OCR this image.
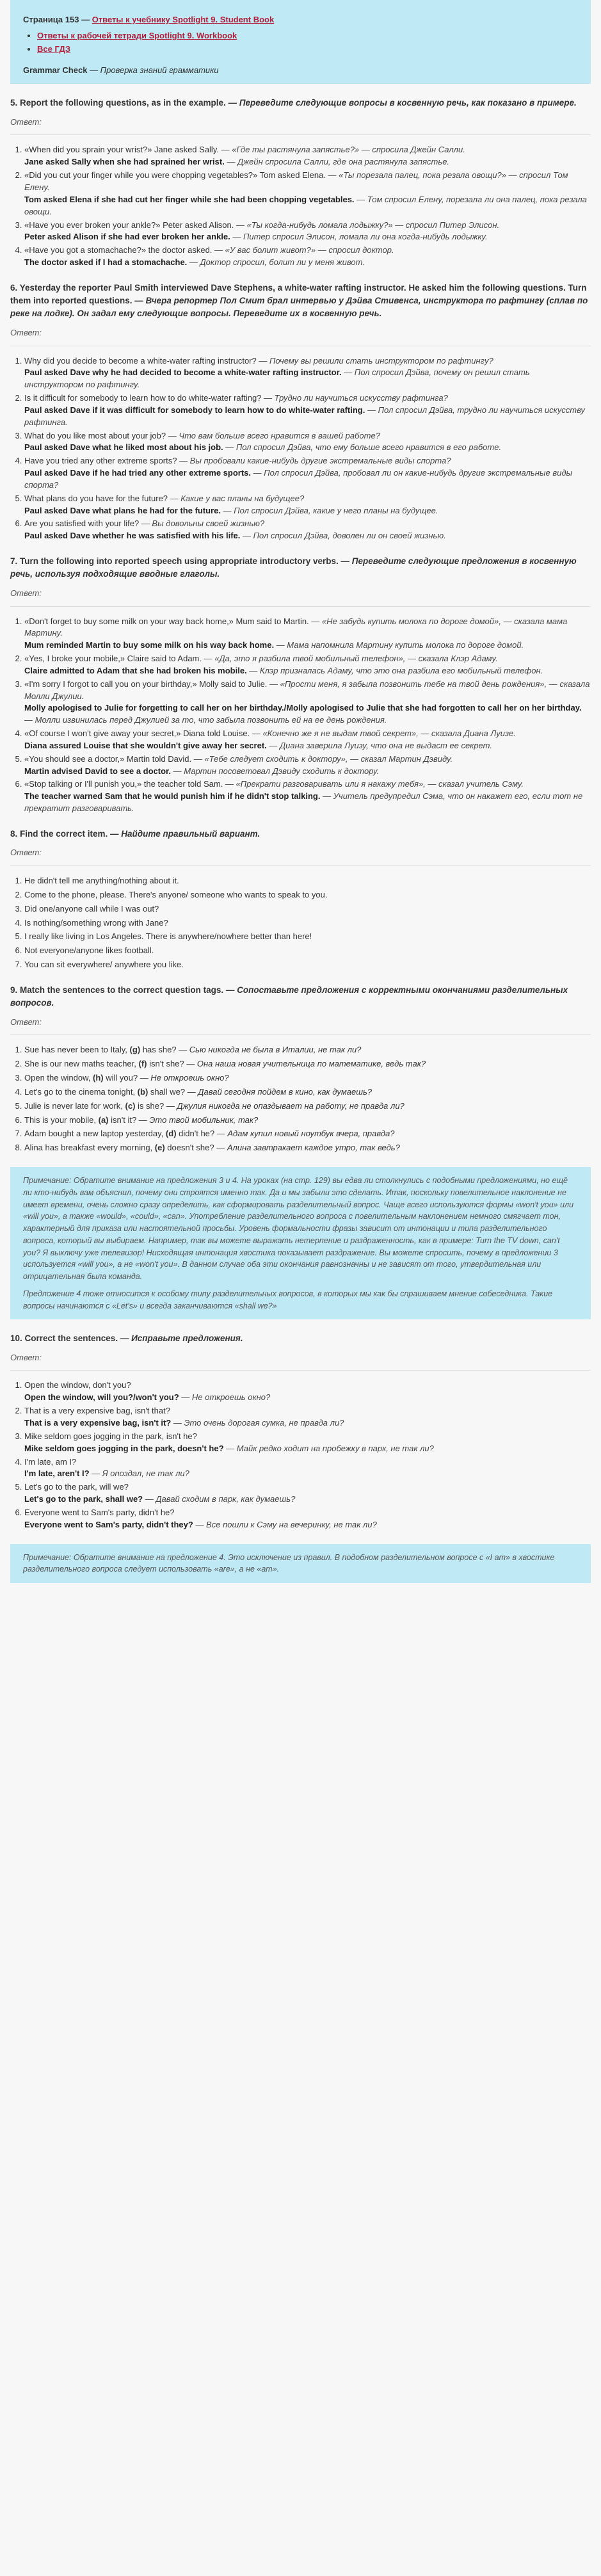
Страница 153 — Ответы к учебнику Spotlight 9. Student Book
• Ответы к рабочей тетради Spotlight 9. Workbook
• Все ГДЗ
Grammar Check — Проверка знаний грамматики
5. Report the following questions, as in the example. — Переведите следующие вопросы в косвенную речь, как показано в примере.
Ответ:
1. «When did you sprain your wrist?» Jane asked Sally. — «Где ты растянула запястье?» — спросила Джейн Салли.
Jane asked Sally when she had sprained her wrist. — Джейн спросила Салли, где она растянула запястье.
2. «Did you cut your finger while you were chopping vegetables?» Tom asked Elena. — «Ты порезала палец, пока резала овощи?» — спросил Том Елену.
Tom asked Elena if she had cut her finger while she had been chopping vegetables. — Том спросил Елену, порезала ли она палец, пока резала овощи.
3. «Have you ever broken your ankle?» Peter asked Alison. — «Ты когда-нибудь ломала лодыжку?» — спросил Питер Элисон.
Peter asked Alison if she had ever broken her ankle. — Питер спросил Элисон, ломала ли она когда-нибудь лодыжку.
4. «Have you got a stomachache?» the doctor asked. — «У вас болит живот?» — спросил доктор.
The doctor asked if I had a stomachache. — Доктор спросил, болит ли у меня живот.
6. Yesterday the reporter Paul Smith interviewed Dave Stephens, a white-water rafting instructor. He asked him the following questions. Turn them into reported questions. — Вчера репортер Пол Смит брал интервью у Дэйва Стивенса, инструктора по рафтингу (сплав по реке на лодке). Он задал ему следующие вопросы. Переведите их в косвенную речь.
Ответ:
1. Why did you decide to become a white-water rafting instructor? — Почему вы решили стать инструктором по рафтингу?
Paul asked Dave why he had decided to become a white-water rafting instructor. — Пол спросил Дэйва, почему он решил стать инструктором по рафтингу.
2. Is it difficult for somebody to learn how to do white-water rafting? — Трудно ли научиться искусству рафтинга?
Paul asked Dave if it was difficult for somebody to learn how to do white-water rafting. — Пол спросил Дэйва, трудно ли научиться искусству рафтинга.
3. What do you like most about your job? — Что вам больше всего нравится в вашей работе?
Paul asked Dave what he liked most about his job. — Пол спросил Дэйва, что ему больше всего нравится в его работе.
4. Have you tried any other extreme sports? — Вы пробовали какие-нибудь другие экстремальные виды спорта?
Paul asked Dave if he had tried any other extreme sports. — Пол спросил Дэйва, пробовал ли он какие-нибудь другие экстремальные виды спорта?
5. What plans do you have for the future? — Какие у вас планы на будущее?
Paul asked Dave what plans he had for the future. — Пол спросил Дэйва, какие у него планы на будущее.
6. Are you satisfied with your life? — Вы довольны своей жизнью?
Paul asked Dave whether he was satisfied with his life. — Пол спросил Дэйва, доволен ли он своей жизнью.
7. Turn the following into reported speech using appropriate introductory verbs. — Переведите следующие предложения в косвенную речь, используя подходящие вводные глаголы.
Ответ:
1. «Don't forget to buy some milk on your way back home,» Mum said to Martin. — «Не забудь купить молока по дороге домой», — сказала мама Мартину.
Mum reminded Martin to buy some milk on his way back home. — Мама напомнила Мартину купить молока по дороге домой.
2. «Yes, I broke your mobile,» Claire said to Adam. — «Да, это я разбила твой мобильный телефон», — сказала Клэр Адаму.
Claire admitted to Adam that she had broken his mobile. — Клэр призналась Адаму, что это она разбила его мобильный телефон.
3. «I'm sorry I forgot to call you on your birthday,» Molly said to Julie. — «Прости меня, я забыла позвонить тебе на твой день рождения», — сказала Молли Джулии.
Molly apologised to Julie for forgetting to call her on her birthday./Molly apologised to Julie that she had forgotten to call her on her birthday. — Молли извинилась перед Джулией за то, что забыла позвонить ей на ее день рождения.
4. «Of course I won't give away your secret,» Diana told Louise. — «Конечно же я не выдам твой секрет», — сказала Диана Луизе.
Diana assured Louise that she wouldn't give away her secret. — Диана заверила Луизу, что она не выдаст ее секрет.
5. «You should see a doctor,» Martin told David. — «Тебе следует сходить к доктору», — сказал Мартин Дэвиду.
Martin advised David to see a doctor. — Мартин посоветовал Дэвиду сходить к доктору.
6. «Stop talking or I'll punish you,» the teacher told Sam. — «Прекрати разговаривать или я накажу тебя», — сказал учитель Сэму.
The teacher warned Sam that he would punish him if he didn't stop talking. — Учитель предупредил Сэма, что он накажет его, если тот не прекратит разговаривать.
8. Find the correct item. — Найдите правильный вариант.
Ответ:
1. He didn't tell me anything/nothing about it.
2. Come to the phone, please. There's anyone/ someone who wants to speak to you.
3. Did one/anyone call while I was out?
4. Is nothing/something wrong with Jane?
5. I really like living in Los Angeles. There is anywhere/nowhere better than here!
6. Not everyone/anyone likes football.
7. You can sit everywhere/ anywhere you like.
9. Match the sentences to the correct question tags. — Сопоставьте предложения с корректными окончаниями разделительных вопросов.
Ответ:
1. Sue has never been to Italy, (g) has she? — Сью никогда не была в Италии, не так ли?
2. She is our new maths teacher, (f) isn't she? — Она наша новая учительница по математике, ведь так?
3. Open the window, (h) will you? — Не откроешь окно?
4. Let's go to the cinema tonight, (b) shall we? — Давай сегодня пойдем в кино, как думаешь?
5. Julie is never late for work, (c) is she? — Джулия никогда не опаздывает на работу, не правда ли?
6. This is your mobile, (a) isn't it? — Это твой мобильник, так?
7. Adam bought a new laptop yesterday, (d) didn't he? — Адам купил новый ноутбук вчера, правда?
8. Alina has breakfast every morning, (e) doesn't she? — Алина завтракает каждое утро, так ведь?

Примечание: Обратите внимание на предложения 3 и 4. На уроках (на стр. 129) вы едва ли столкнулись с подобными предложениями, но ещё ли кто-нибудь вам объяснил, почему они строятся именно так. Да и мы забыли это сделать. Итак, поскольку повелительное наклонение не имеет времени, очень сложно сразу определить, как сформировать разделительный вопрос. Чаще всего используются формы «won't you» или «will you», а также «would», «could», «can». Употребление разделительного вопроса с повелительным наклонением немного смягчает тон, характерный для приказа или настоятельной просьбы. Уровень формальности фразы зависит от интонации и типа разделительного вопроса, который вы выбираем. Например, так вы можете выражать нетерпение и раздраженность, как в примере: Turn the TV down, can't you? Я выключу уже телевизор! Нисходящая интонация хвостика показывает раздражение. Вы можете спросить, почему в предложении 3 используется «will you», а не «won't you». В данном случае оба эти окончания равнозначны и не зависят от того, утвердительная или отрицательная была команда.

Предложение 4 тоже относится к особому типу разделительных вопросов, в которых мы как бы спрашиваем мнение собеседника. Такие вопросы начинаются с «Let's» и всегда заканчиваются «shall we?»

10. Correct the sentences. — Исправьте предложения.
Ответ:
1. Open the window, don't you?
Open the window, will you?/won't you? — Не откроешь окно?
2. That is a very expensive bag, isn't that?
That is a very expensive bag, isn't it? — Это очень дорогая сумка, не правда ли?
3. Mike seldom goes jogging in the park, isn't he?
Mike seldom goes jogging in the park, doesn't he? — Майк редко ходит на пробежку в парк, не так ли?
4. I'm late, am I?
I'm late, aren't I? — Я опоздал, не так ли?
5. Let's go to the park, will we?
Let's go to the park, shall we? — Давай сходим в парк, как думаешь?
6. Everyone went to Sam's party, didn't he?
Everyone went to Sam's party, didn't they? — Все пошли к Сэму на вечеринку, не так ли?

Примечание: Обратите внимание на предложение 4. Это исключение из правил. В подобном разделительном вопросе с «I am» в хвостике разделительного вопроса следует использовать «are», а не «am».
